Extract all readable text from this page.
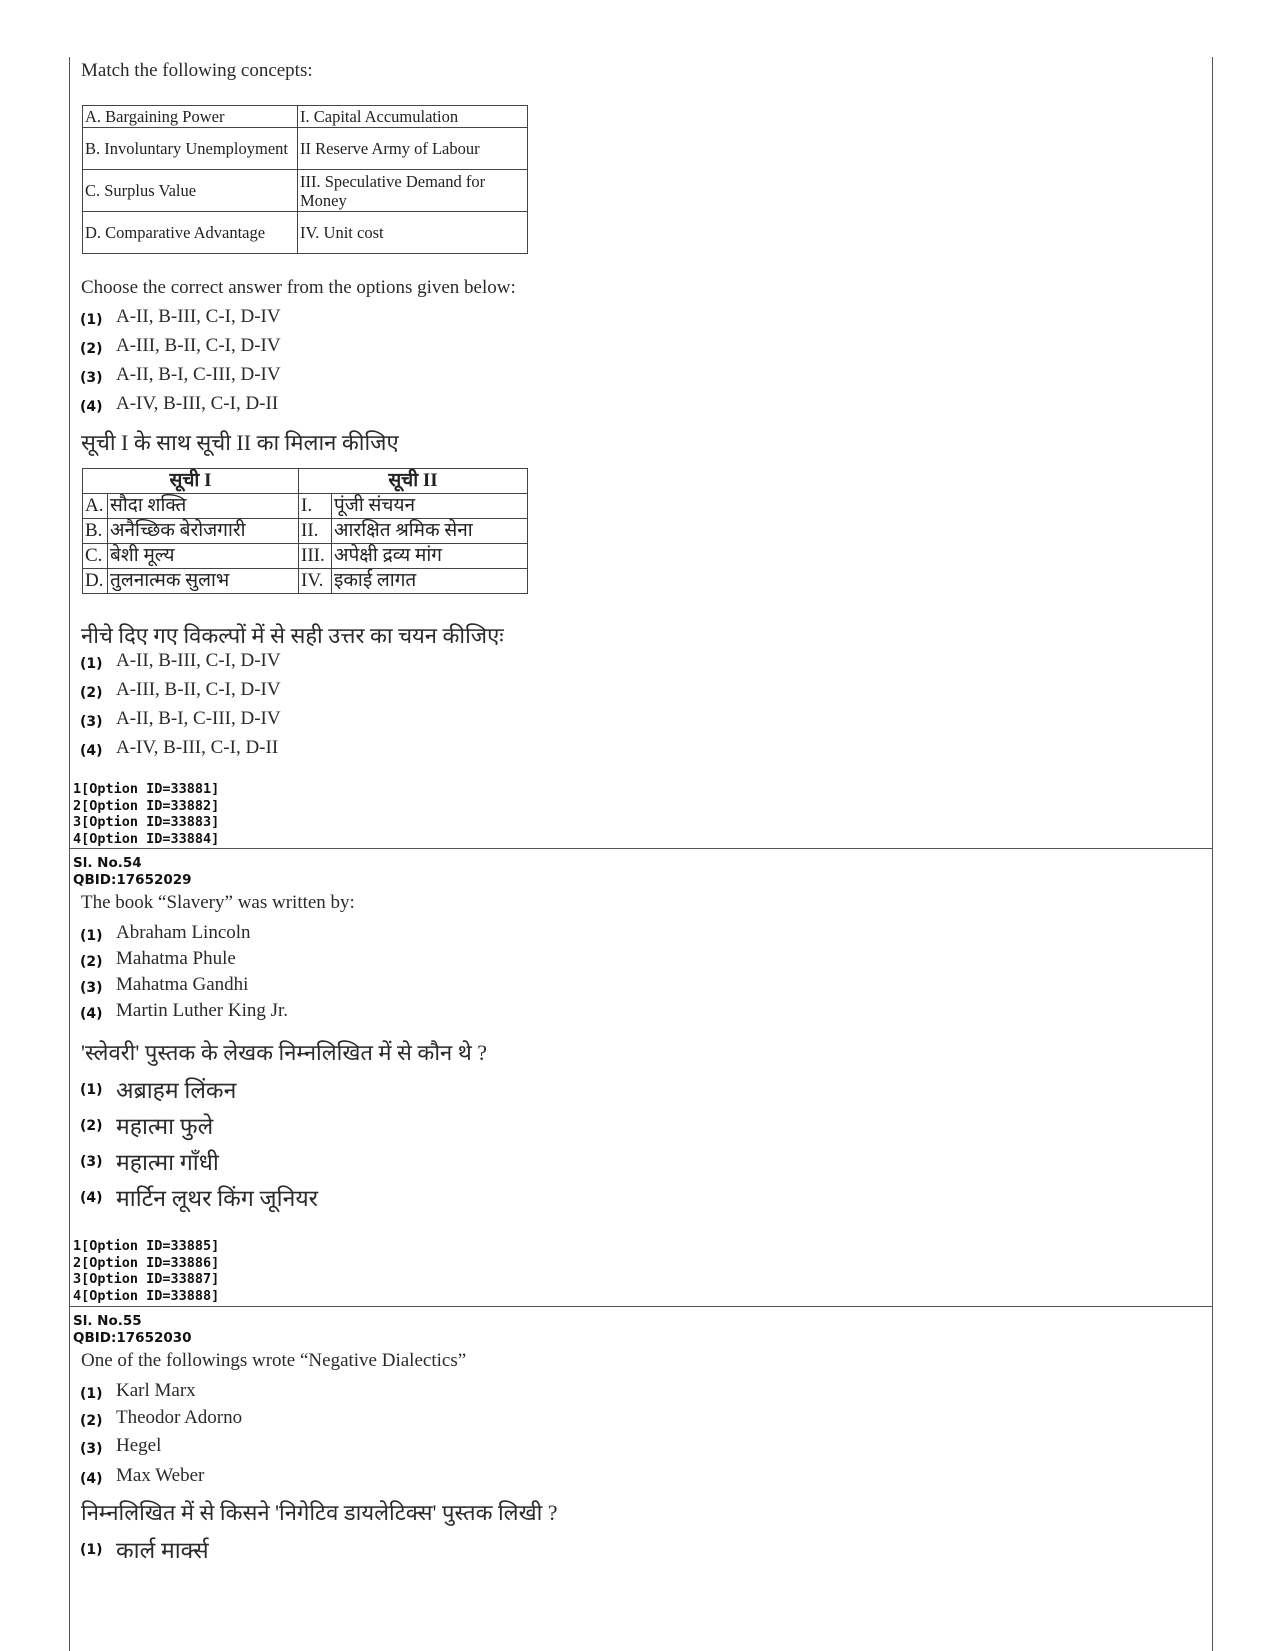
Match the following concepts:
A. Bargaining Power	I. Capital Accumulation
B. Involuntary Unemployment	II Reserve Army of Labour
C. Surplus Value	III. Speculative Demand for Money
D. Comparative Advantage	IV. Unit cost
Choose the correct answer from the options given below:
(1) A-II, B-III, C-I, D-IV
(2) A-III, B-II, C-I, D-IV
(3) A-II, B-I, C-III, D-IV
(4) A-IV, B-III, C-I, D-II
सूची I के साथ सूची II का मिलान कीजिए
सूची I		सूची II	
A.	सौदा शक्ति	I.	पूंजी संचयन
B.	अनैच्छिक बेरोजगारी	II.	आरक्षित श्रमिक सेना
C.	बेशी मूल्य	III.	अपेक्षी द्रव्य मांग
D.	तुलनात्मक सुलाभ	IV.	इकाई लागत
नीचे दिए गए विकल्पों में से सही उत्तर का चयन कीजिएः
(1) A-II, B-III, C-I, D-IV
(2) A-III, B-II, C-I, D-IV
(3) A-II, B-I, C-III, D-IV
(4) A-IV, B-III, C-I, D-II
1[Option ID=33881]
2[Option ID=33882]
3[Option ID=33883]
4[Option ID=33884]
Sl. No.54
QBID:17652029
The book “Slavery” was written by:
(1) Abraham Lincoln
(2) Mahatma Phule
(3) Mahatma Gandhi
(4) Martin Luther King Jr.
'स्लेवरी' पुस्तक के लेखक निम्नलिखित में से कौन थे ?
(1) अब्राहम लिंकन
(2) महात्मा फुले
(3) महात्मा गाँधी
(4) मार्टिन लूथर किंग जूनियर
1[Option ID=33885]
2[Option ID=33886]
3[Option ID=33887]
4[Option ID=33888]
Sl. No.55
QBID:17652030
One of the followings wrote “Negative Dialectics”
(1) Karl Marx
(2) Theodor Adorno
(3) Hegel
(4) Max Weber
निम्नलिखित में से किसने 'निगेटिव डायलेटिक्स' पुस्तक लिखी ?
(1) कार्ल मार्क्स
